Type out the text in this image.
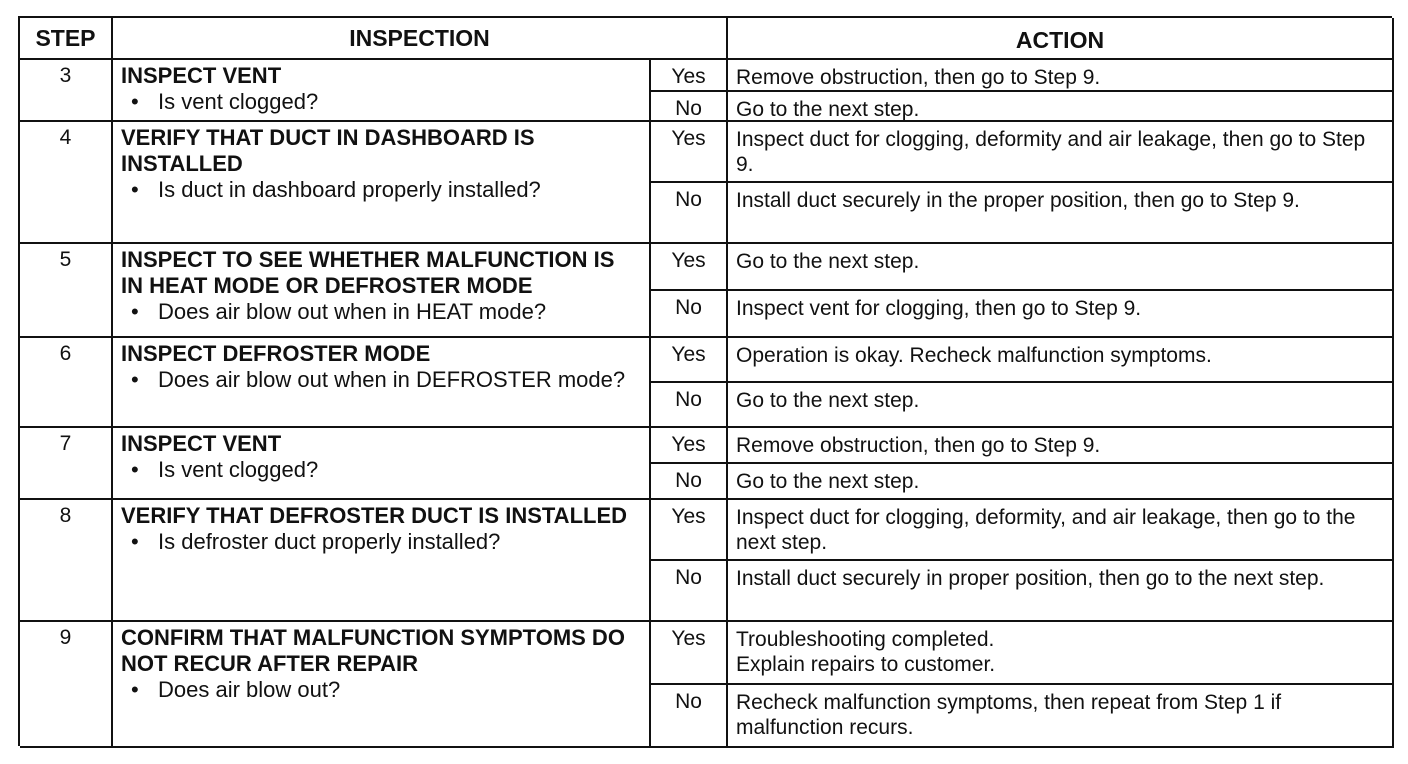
STEP	INSPECTION	ACTION
3	INSPECT VENT
• Is vent clogged?
Yes	Remove obstruction, then go to Step 9.
No	Go to the next step.
4	VERIFY THAT DUCT IN DASHBOARD IS INSTALLED
• Is duct in dashboard properly installed?
Yes	Inspect duct for clogging, deformity and air leakage, then go to Step 9.
No	Install duct securely in the proper position, then go to Step 9.
5	INSPECT TO SEE WHETHER MALFUNCTION IS IN HEAT MODE OR DEFROSTER MODE
• Does air blow out when in HEAT mode?
Yes	Go to the next step.
No	Inspect vent for clogging, then go to Step 9.
6	INSPECT DEFROSTER MODE
• Does air blow out when in DEFROSTER mode?
Yes	Operation is okay. Recheck malfunction symptoms.
No	Go to the next step.
7	INSPECT VENT
• Is vent clogged?
Yes	Remove obstruction, then go to Step 9.
No	Go to the next step.
8	VERIFY THAT DEFROSTER DUCT IS INSTALLED
• Is defroster duct properly installed?
Yes	Inspect duct for clogging, deformity, and air leakage, then go to the next step.
No	Install duct securely in proper position, then go to the next step.
9	CONFIRM THAT MALFUNCTION SYMPTOMS DO NOT RECUR AFTER REPAIR
• Does air blow out?
Yes	Troubleshooting completed.
Explain repairs to customer.
No	Recheck malfunction symptoms, then repeat from Step 1 if malfunction recurs.
